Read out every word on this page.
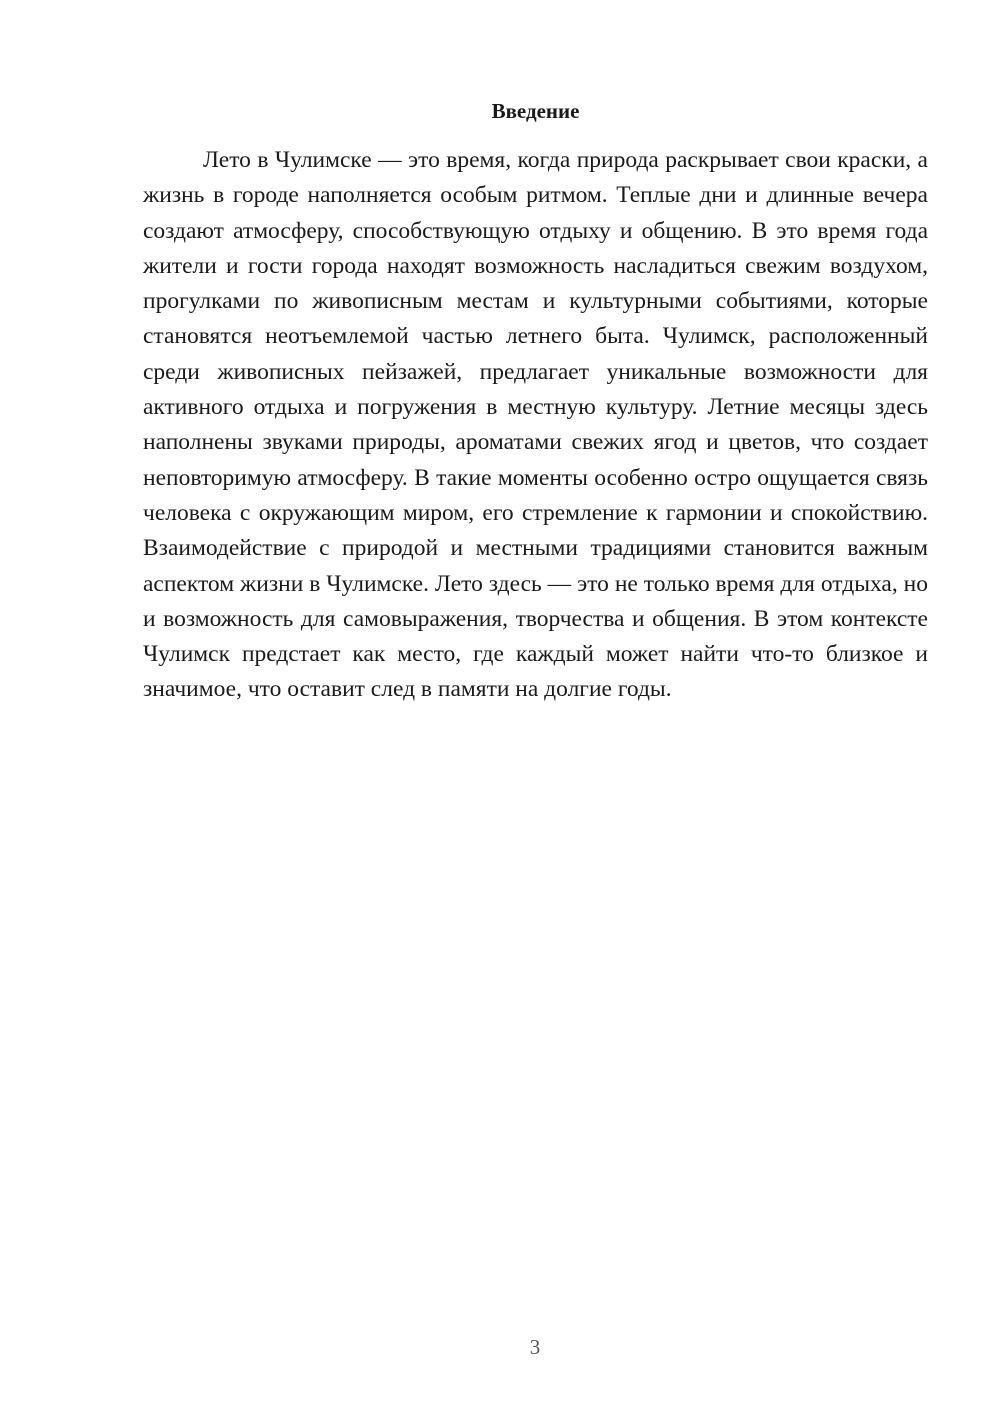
Введение

Лето в Чулимске — это время, когда природа раскрывает свои краски, а жизнь в городе наполняется особым ритмом. Теплые дни и длинные вечера создают атмосферу, способствующую отдыху и общению. В это время года жители и гости города находят возможность насладиться свежим воздухом, прогулками по живописным местам и культурными событиями, которые становятся неотъемлемой частью летнего быта. Чулимск, расположенный среди живописных пейзажей, предлагает уникальные возможности для активного отдыха и погружения в местную культуру. Летние месяцы здесь наполнены звуками природы, ароматами свежих ягод и цветов, что создает неповторимую атмосферу. В такие моменты особенно остро ощущается связь человека с окружающим миром, его стремление к гармонии и спокойствию. Взаимодействие с природой и местными традициями становится важным аспектом жизни в Чулимске. Лето здесь — это не только время для отдыха, но и возможность для самовыражения, творчества и общения. В этом контексте Чулимск предстает как место, где каждый может найти что-то близкое и значимое, что оставит след в памяти на долгие годы.

3
